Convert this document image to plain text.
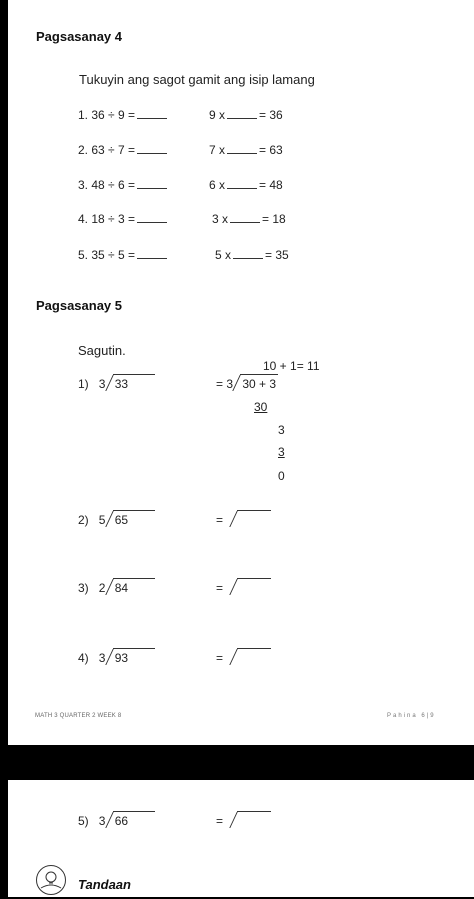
Pagsasanay 4
Tukuyin ang sagot gamit ang isip lamang
1. 36 ÷ 9 =	9 x	= 36
2. 63 ÷ 7 =	7 x	= 63
3. 48 ÷ 6 =	6 x	= 48
4. 18 ÷ 3 =	3 x	= 18
5. 35 ÷ 5 =	5 x	= 35
Pagsasanay 5
Sagutin.
1) 3 33
10 + 1= 11
= 3 30 + 3
30
3
3
0
2) 5 65	=

3) 2 84	=

4) 3 93	=

MATH 3 QUARTER 2 WEEK 8	Pahina 6|9
5) 3 66	=

Tandaan
